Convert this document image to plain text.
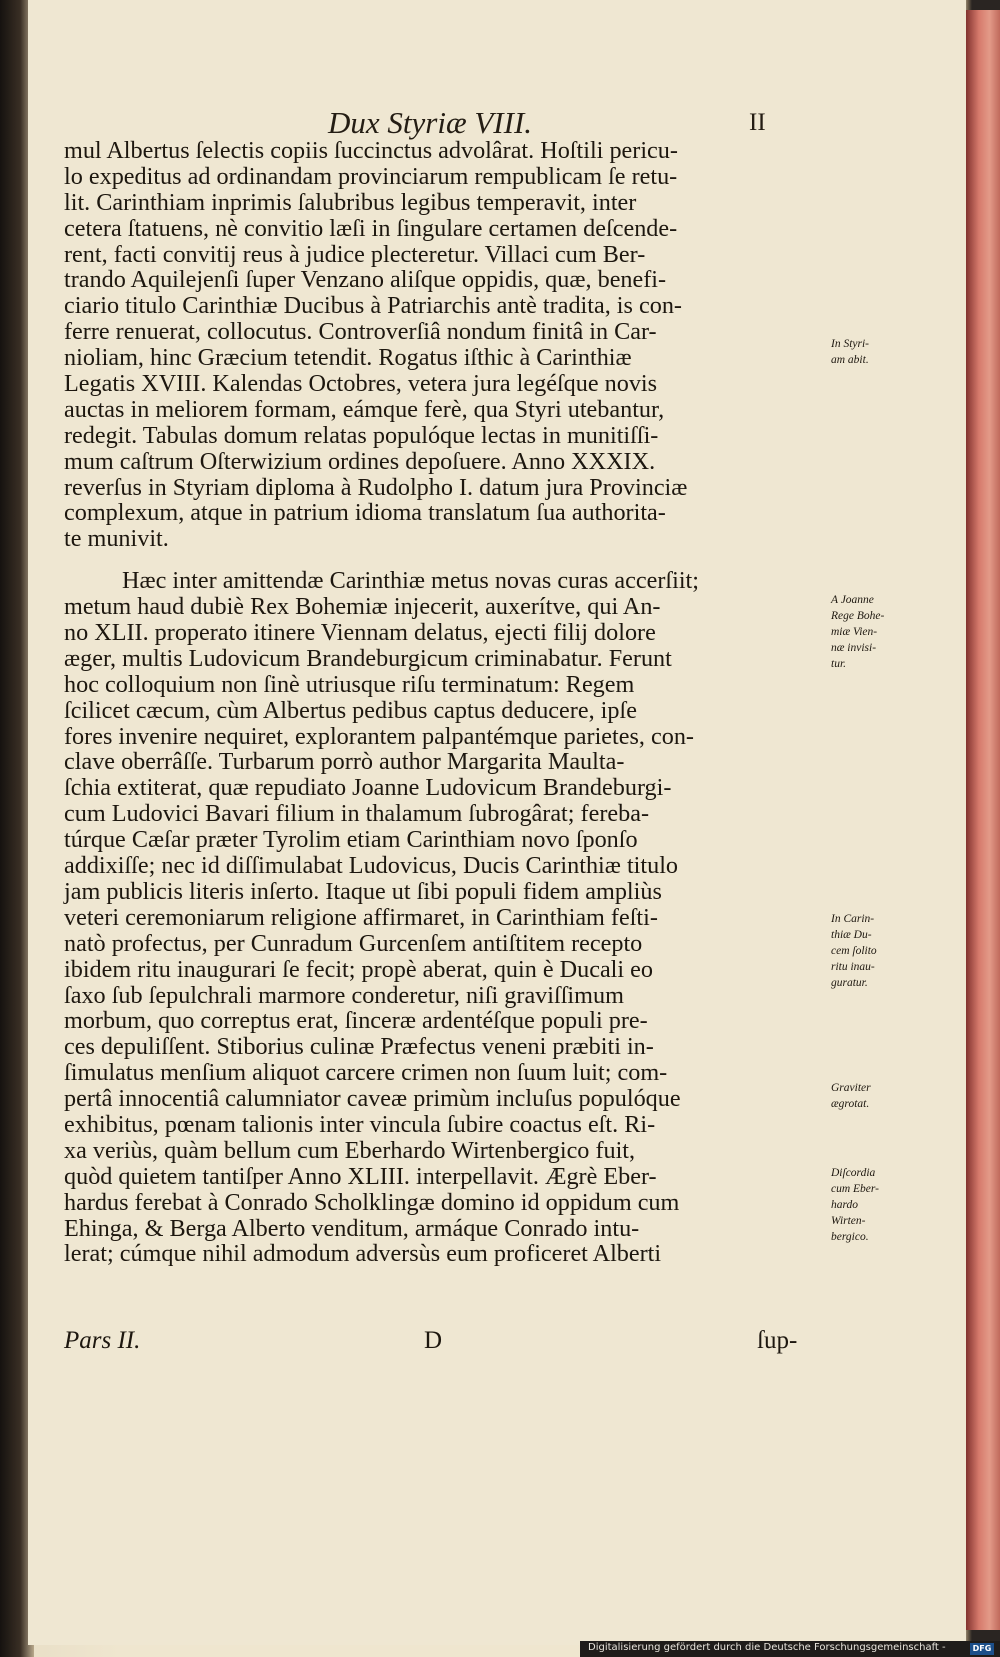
Dux Styriæ VIII.	II
mul Albertus ſelectis copiis ſuccinctus advolârat. Hoſtili pericu-
lo expeditus ad ordinandam provinciarum rempublicam ſe retu-
lit. Carinthiam inprimis ſalubribus legibus temperavit, inter
cetera ſtatuens, nè convitio læſi in ſingulare certamen deſcende-
rent, facti convitij reus à judice plecteretur. Villaci cum Ber-
trando Aquilejenſi ſuper Venzano aliſque oppidis, quæ, benefi-
ciario titulo Carinthiæ Ducibus à Patriarchis antè tradita, is con-
ferre renuerat, collocutus. Controverſiâ nondum finitâ in Car-
nioliam, hinc Græcium tetendit. Rogatus iſthic à Carinthiæ
Legatis XVIII. Kalendas Octobres, vetera jura legéſque novis
auctas in meliorem formam, eámque ferè, qua Styri utebantur,
redegit. Tabulas domum relatas populóque lectas in munitiſſi-
mum caſtrum Oſterwizium ordines depoſuere. Anno XXXIX.
reverſus in Styriam diploma à Rudolpho I. datum jura Provinciæ
complexum, atque in patrium idioma translatum ſua authorita-
te munivit.
Hæc inter amittendæ Carinthiæ metus novas curas accerſiit;
metum haud dubiè Rex Bohemiæ injecerit, auxerítve, qui An-
no XLII. properato itinere Viennam delatus, ejecti filij dolore
æger, multis Ludovicum Brandeburgicum criminabatur. Ferunt
hoc colloquium non ſinè utriusque riſu terminatum: Regem
ſcilicet cæcum, cùm Albertus pedibus captus deducere, ipſe
fores invenire nequiret, explorantem palpantémque parietes, con-
clave oberrâſſe. Turbarum porrò author Margarita Maulta-
ſchia extiterat, quæ repudiato Joanne Ludovicum Brandeburgi-
cum Ludovici Bavari filium in thalamum ſubrogârat; fereba-
túrque Cæſar præter Tyrolim etiam Carinthiam novo ſponſo
addixiſſe; nec id diſſimulabat Ludovicus, Ducis Carinthiæ titulo
jam publicis literis inſerto. Itaque ut ſibi populi fidem ampliùs
veteri ceremoniarum religione affirmaret, in Carinthiam feſti-
natò profectus, per Cunradum Gurcenſem antiſtitem recepto
ibidem ritu inaugurari ſe fecit; propè aberat, quin è Ducali eo
ſaxo ſub ſepulchrali marmore conderetur, niſi graviſſimum
morbum, quo correptus erat, ſinceræ ardentéſque populi pre-
ces depuliſſent. Stiborius culinæ Præfectus veneni præbiti in-
ſimulatus menſium aliquot carcere crimen non ſuum luit; com-
pertâ innocentiâ calumniator caveæ primùm incluſus populóque
exhibitus, pœnam talionis inter vincula ſubire coactus eſt. Ri-
xa veriùs, quàm bellum cum Eberhardo Wirtenbergico fuit,
quòd quietem tantiſper Anno XLIII. interpellavit. Ægrè Eber-
hardus ferebat à Conrado Scholklingæ domino id oppidum cum
Ehinga, & Berga Alberto venditum, armáque Conrado intu-
lerat; cúmque nihil admodum adversùs eum proficeret Alberti
In Styri-
am abit.
A Joanne
Rege Bohe-
miæ Vien-
næ invisi-
tur.
In Carin-
thiæ Du-
cem ſolito
ritu inau-
guratur.
Graviter
ægrotat.
Diſcordia
cum Eber-
hardo
Wirten-
bergico.
Pars II.	D	ſup-
Digitalisierung gefördert durch die Deutsche Forschungsgemeinschaft -	DFG
